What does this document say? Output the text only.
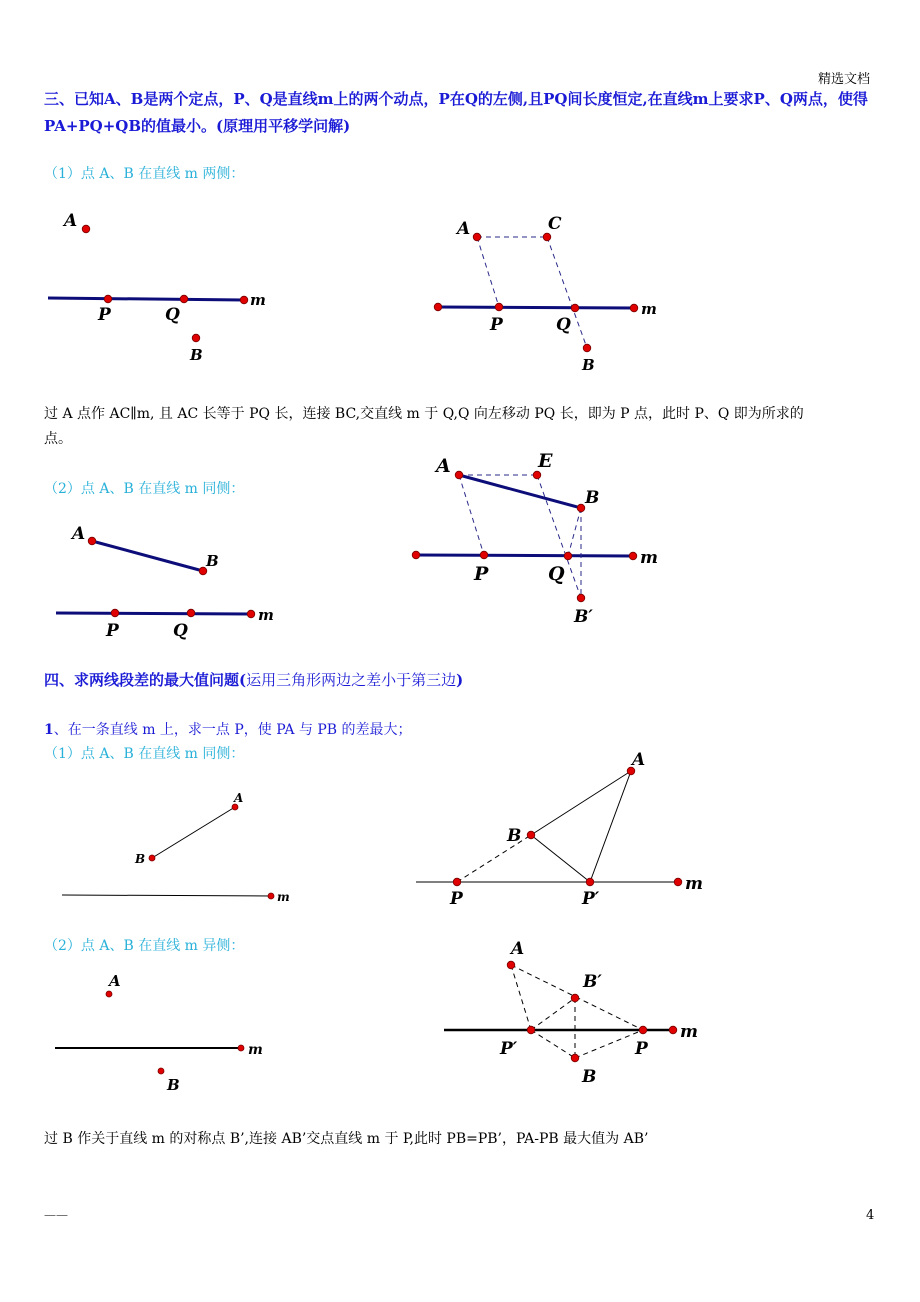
精选文档
三、已知A、B是两个定点，P、Q是直线m上的两个动点，P在Q的左侧,且PQ间长度恒定,在直线m上要求P、Q两点，使得PA+PQ+QB的值最小。(原理用平移学问解)
（1）点 A、B 在直线 m 两侧：
过 A 点作 AC∥m, 且 AC 长等于 PQ 长，连接 BC,交直线 m 于 Q,Q 向左移动 PQ 长，即为 P 点，此时 P、Q 即为所求的
点。
（2）点 A、B 在直线 m 同侧：
四、求两线段差的最大值问题(运用三角形两边之差小于第三边)
1、在一条直线 m 上，求一点 P，使 PA 与 PB 的差最大；
（1）点 A、B 在直线 m 同侧：
（2）点 A、B 在直线 m 异侧：
过 B 作关于直线 m 的对称点 B’,连接 AB’交点直线 m 于 P,此时 PB=PB’，PA-PB 最大值为 AB’
——	4
A
P	Q
m
B
A	C
P	Q
m
B
A
B
P	Q
m
A	E
B
P	Q
m
B′
A
B
m
A
B
P	P′
m
A
m
B
A
B′
P′	P
m
B
